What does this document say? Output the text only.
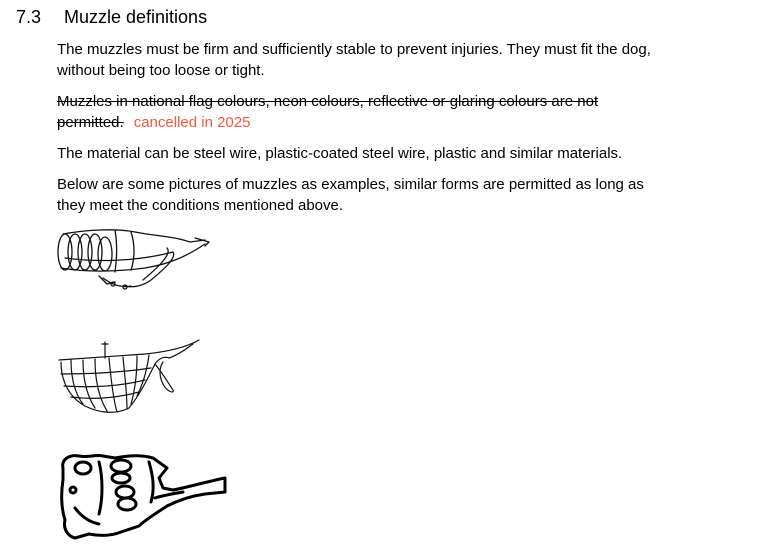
7.3 Muzzle definitions
The muzzles must be firm and sufficiently stable to prevent injuries. They must fit the dog, without being too loose or tight.
Muzzles in national flag colours, neon colours, reflective or glaring colours are not permitted. cancelled in 2025
The material can be steel wire, plastic-coated steel wire, plastic and similar materials.
Below are some pictures of muzzles as examples, similar forms are permitted as long as they meet the conditions mentioned above.
